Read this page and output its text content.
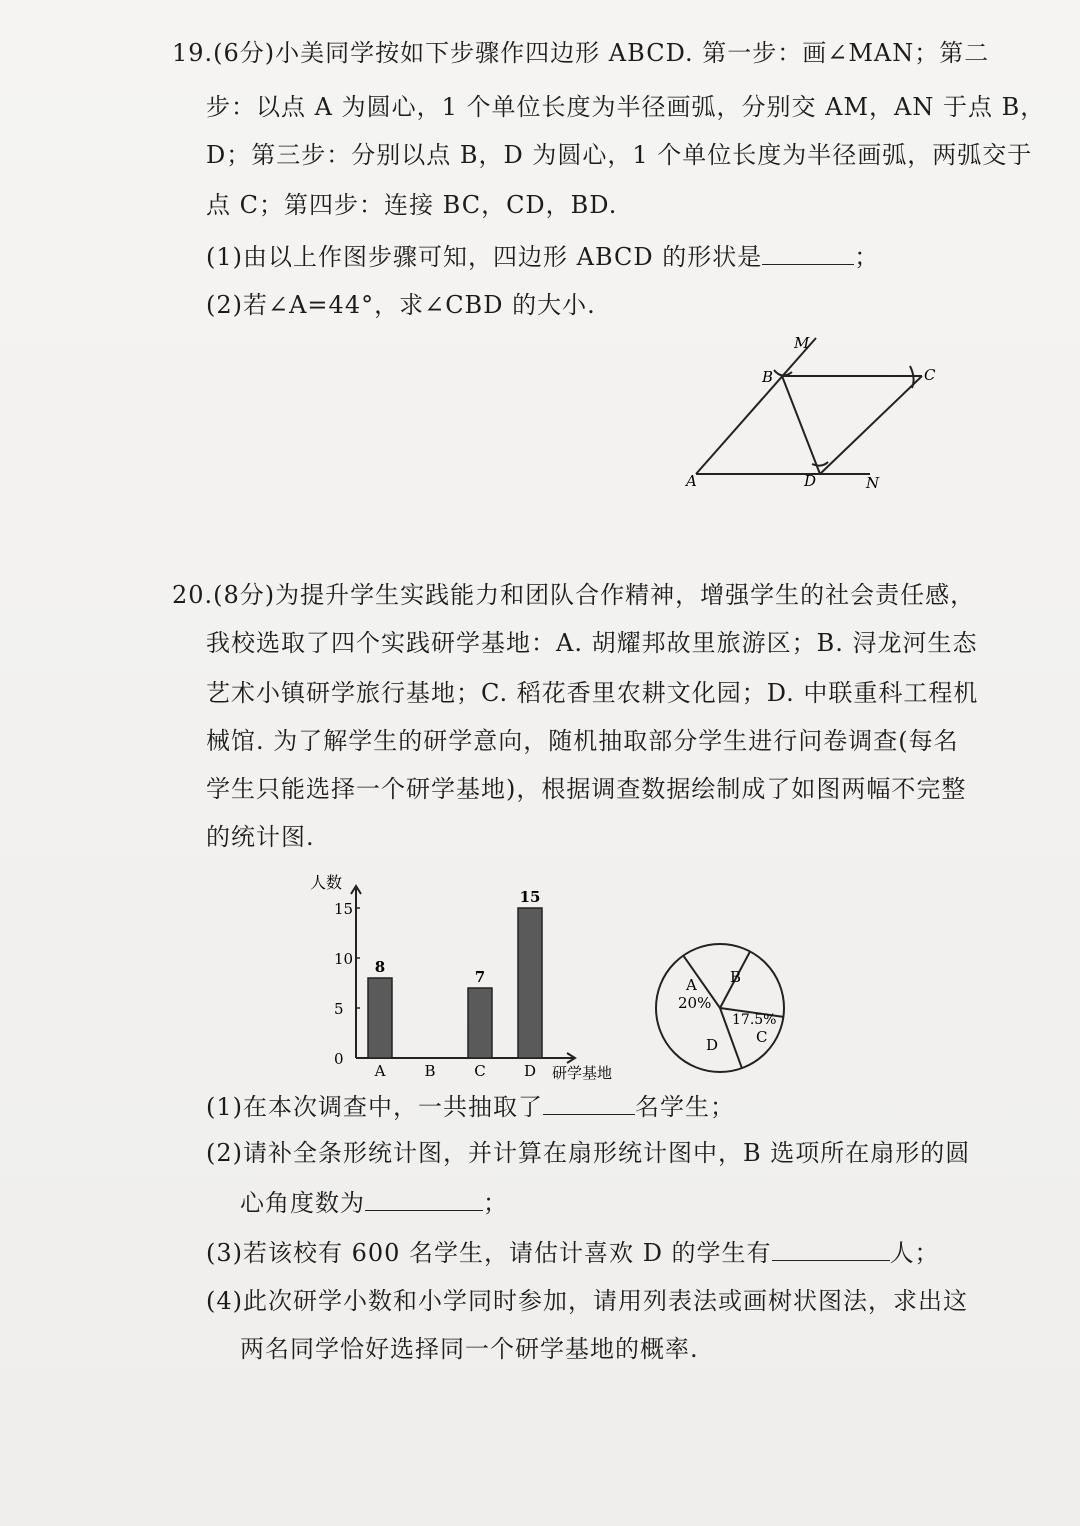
19.(6分)小美同学按如下步骤作四边形 ABCD. 第一步：画∠MAN；第二
步：以点 A 为圆心，1 个单位长度为半径画弧，分别交 AM，AN 于点 B，
D；第三步：分别以点 B，D 为圆心，1 个单位长度为半径画弧，两弧交于
点 C；第四步：连接 BC，CD，BD.
(1)由以上作图步骤可知，四边形 ABCD 的形状是	；
(2)若∠A=44°，求∠CBD 的大小.
M
B	C
A	D	N
20.(8分)为提升学生实践能力和团队合作精神，增强学生的社会责任感，
我校选取了四个实践研学基地：A. 胡耀邦故里旅游区；B. 浔龙河生态
艺术小镇研学旅行基地；C. 稻花香里农耕文化园；D. 中联重科工程机
械馆. 为了解学生的研学意向，随机抽取部分学生进行问卷调查(每名
学生只能选择一个研学基地)，根据调查数据绘制成了如图两幅不完整
的统计图.
人数
研学基地
0
5
10
15
8
A	B
7
C
15
D
A
20%
B
17.5%
C
D
(1)在本次调查中，一共抽取了	名学生；
(2)请补全条形统计图，并计算在扇形统计图中，B 选项所在扇形的圆
心角度数为	；
(3)若该校有 600 名学生，请估计喜欢 D 的学生有	人；
(4)此次研学小数和小学同时参加，请用列表法或画树状图法，求出这
两名同学恰好选择同一个研学基地的概率.
